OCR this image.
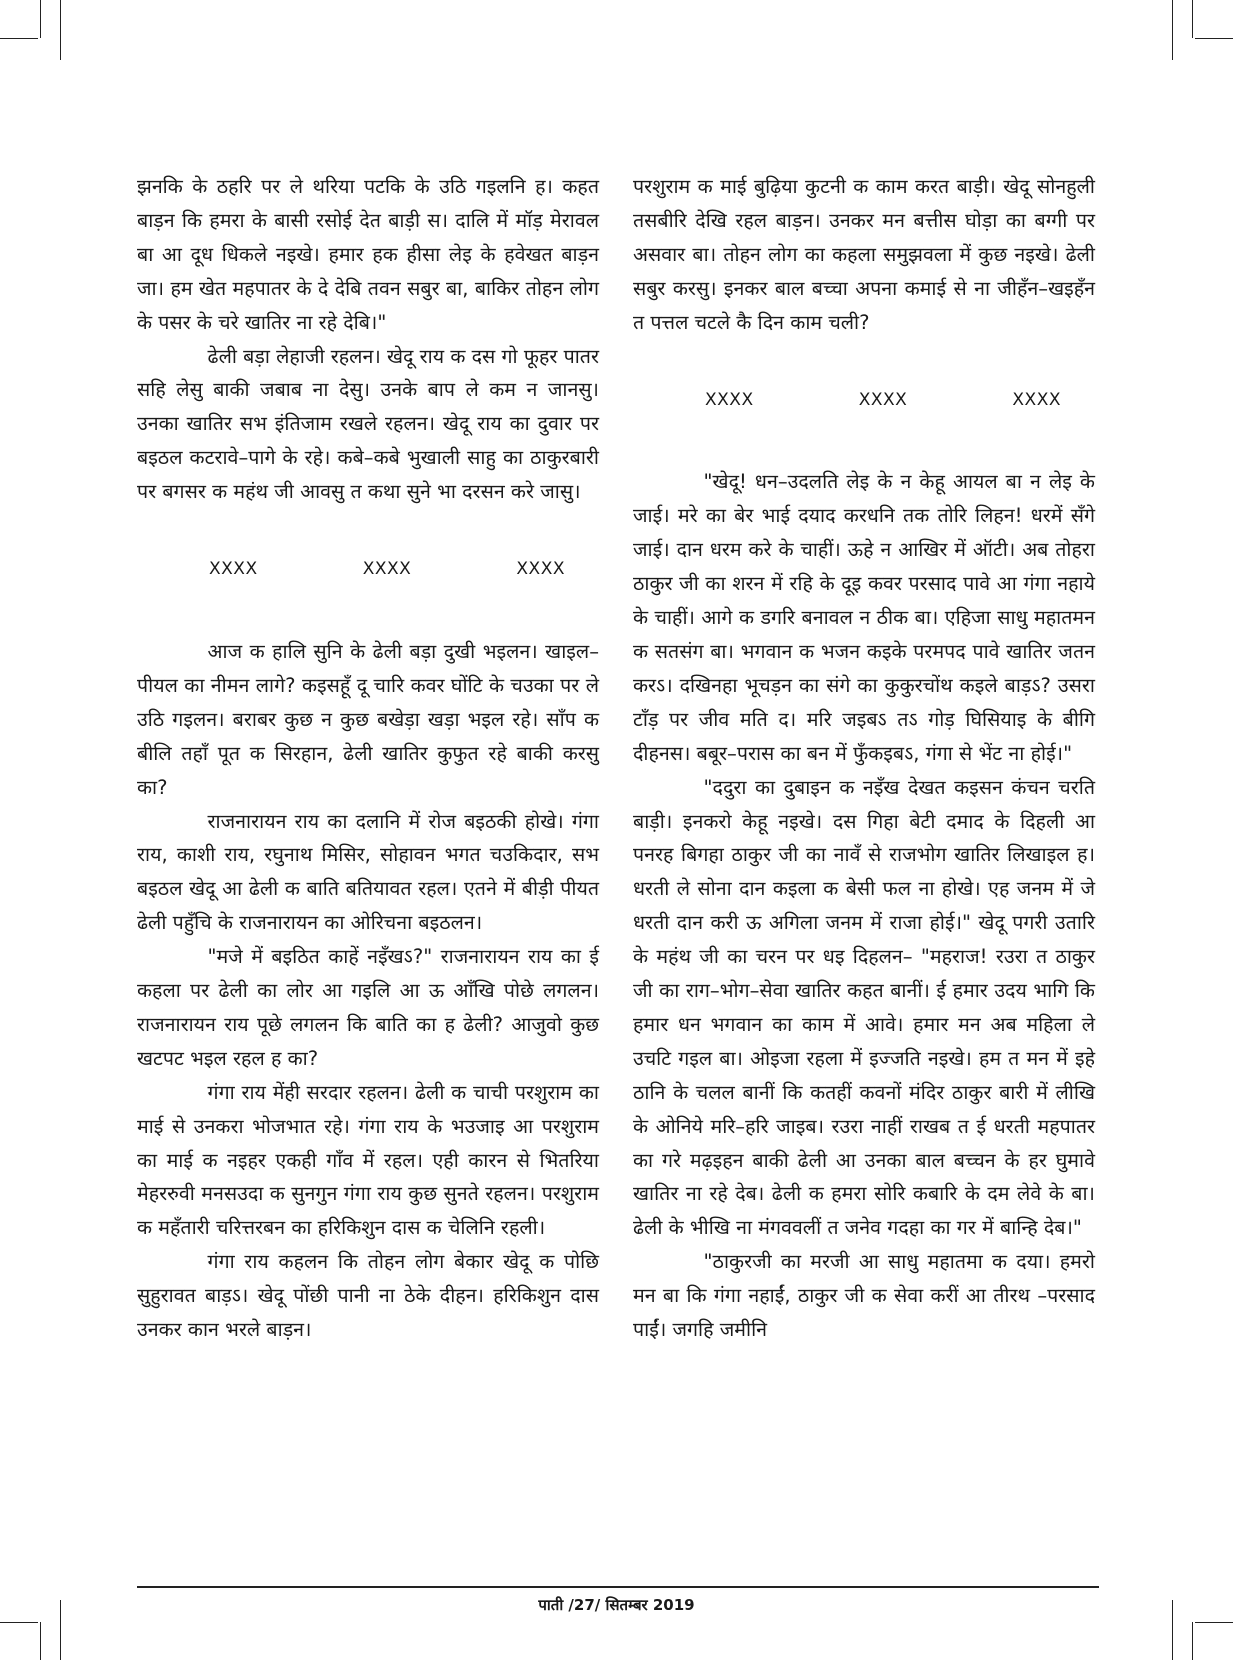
झनकि के ठहरि पर ले थरिया पटकि के उठि गइलनि ह। कहत बाड़न कि हमरा के बासी रसोई देत बाड़ी स। दालि में मॉड़ मेरावल बा आ दूध धिकले नइखे। हमार हक हीसा लेइ के हवेखत बाड़न जा। हम खेत महपातर के दे देबि तवन सबुर बा, बाकिर तोहन लोग के पसर के चरे खातिर ना रहे देबि।"

ढेली बड़ा लेहाजी रहलन। खेदू राय क दस गो फूहर पातर सहि लेसु बाकी जबाब ना देसु। उनके बाप ले कम न जानसु। उनका खातिर सभ इंतिजाम रखले रहलन। खेदू राय का दुवार पर बइठल कटरावे–पागे के रहे। कबे–कबे भुखाली साहु का ठाकुरबारी पर बगसर क महंथ जी आवसु त कथा सुने भा दरसन करे जासु।

XXXX	XXXX	XXXX

आज क हालि सुनि के ढेली बड़ा दुखी भइलन। खाइल–पीयल का नीमन लागे? कइसहूँ दू चारि कवर घोंटि के चउका पर ले उठि गइलन। बराबर कुछ न कुछ बखेड़ा खड़ा भइल रहे। साँप क बीलि तहाँ पूत क सिरहान, ढेली खातिर कुफुत रहे बाकी करसु का?

राजनारायन राय का दलानि में रोज बइठकी होखे। गंगा राय, काशी राय, रघुनाथ मिसिर, सोहावन भगत चउकिदार, सभ बइठल खेदू आ ढेली क बाति बतियावत रहल। एतने में बीड़ी पीयत ढेली पहुँचि के राजनारायन का ओरिचना बइठलन।

"मजे में बइठित काहें नइँखऽ?" राजनारायन राय का ई कहला पर ढेली का लोर आ गइलि आ ऊ आँखि पोछे लगलन। राजनारायन राय पूछे लगलन कि बाति का ह ढेली? आजुवो कुछ खटपट भइल रहल ह का?

गंगा राय मेंही सरदार रहलन। ढेली क चाची परशुराम का माई से उनकरा भोजभात रहे। गंगा राय के भउजाइ आ परशुराम का माई क नइहर एकही गाँव में रहल। एही कारन से भितरिया मेहररुवी मनसउदा क सुनगुन गंगा राय कुछ सुनते रहलन। परशुराम क महँतारी चरित्तरबन का हरिकिशुन दास क चेलिनि रहली।

गंगा राय कहलन कि तोहन लोग बेकार खेदू क पोछि सुहुरावत बाड़ऽ। खेदू पोंछी पानी ना ठेके दीहन। हरिकिशुन दास उनकर कान भरले बाड़न।

परशुराम क माई बुढ़िया कुटनी क काम करत बाड़ी। खेदू सोनहुली तसबीरि देखि रहल बाड़न। उनकर मन बत्तीस घोड़ा का बग्गी पर असवार बा। तोहन लोग का कहला समुझवला में कुछ नइखे। ढेली सबुर करसु। इनकर बाल बच्चा अपना कमाई से ना जीहँन–खइहँन त पत्तल चटले कै दिन काम चली?

XXXX	XXXX	XXXX

"खेदू! धन–उदलति लेइ के न केहू आयल बा न लेइ के जाई। मरे का बेर भाई दयाद करधनि तक तोरि लिहन! धरमें सँगे जाई। दान धरम करे के चाहीं। ऊहे न आखिर में ऑटी। अब तोहरा ठाकुर जी का शरन में रहि के दूइ कवर परसाद पावे आ गंगा नहाये के चाहीं। आगे क डगरि बनावल न ठीक बा। एहिजा साधु महातमन क सतसंग बा। भगवान क भजन कइके परमपद पावे खातिर जतन करऽ। दखिनहा भूचड़न का संगे का कुकुरचोंथ कइले बाड़ऽ? उसरा टाँड़ पर जीव मति द। मरि जइबऽ तऽ गोड़ घिसियाइ के बीगि दीहनस। बबूर–परास का बन में फुँकइबऽ, गंगा से भेंट ना होई।"

"ददुरा का दुबाइन क नइँख देखत कइसन कंचन चरति बाड़ी। इनकरो केहू नइखे। दस गिहा बेटी दमाद के दिहली आ पनरह बिगहा ठाकुर जी का नावँ से राजभोग खातिर लिखाइल ह। धरती ले सोना दान कइला क बेसी फल ना होखे। एह जनम में जे धरती दान करी ऊ अगिला जनम में राजा होई।" खेदू पगरी उतारि के महंथ जी का चरन पर धइ दिहलन– "महराज! रउरा त ठाकुर जी का राग–भोग–सेवा खातिर कहत बानीं। ई हमार उदय भागि कि हमार धन भगवान का काम में आवे। हमार मन अब महिला ले उचटि गइल बा। ओइजा रहला में इज्जति नइखे। हम त मन में इहे ठानि के चलल बानीं कि कतहीं कवनों मंदिर ठाकुर बारी में लीखि के ओनिये मरि–हरि जाइब। रउरा नाहीं राखब त ई धरती महपातर का गरे मढ़इहन बाकी ढेली आ उनका बाल बच्चन के हर घुमावे खातिर ना रहे देब। ढेली क हमरा सोरि कबारि के दम लेवे के बा। ढेली के भीखि ना मंगववलीं त जनेव गदहा का गर में बान्हि देब।"

"ठाकुरजी का मरजी आ साधु महातमा क दया। हमरो मन बा कि गंगा नहाईं, ठाकुर जी क सेवा करीं आ तीरथ –परसाद पाईं। जगहि जमीनि

पाती /27/ सितम्बर 2019
